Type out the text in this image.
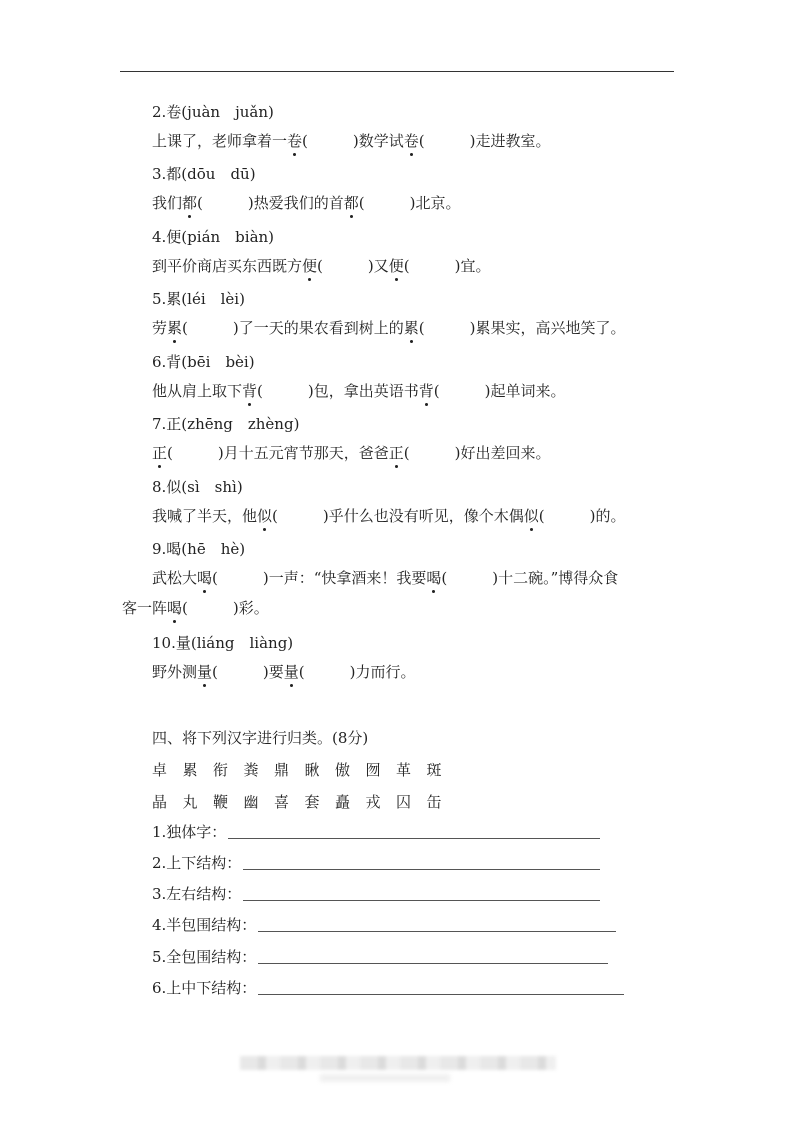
四、将下列汉字进行归类。(8分)
卓 累 衔 粪 鼎 瞅 傲 囫 革 斑
晶 丸 鞭 幽 喜 套 矗 戎 囚 缶
2.卷(juàn　juǎn)
上课了，老师拿着一卷(　　　)数学试卷(　　　)走进教室。
3.都(dōu　dū)
我们都(　　　)热爱我们的首都(　　　)北京。
4.便(pián　biàn)
到平价商店买东西既方便(　　　)又便(　　　)宜。
5.累(léi　lèi)
劳累(　　　)了一天的果农看到树上的累(　　　)累果实，高兴地笑了。
6.背(bēi　bèi)
他从肩上取下背(　　　)包，拿出英语书背(　　　)起单词来。
7.正(zhēng　zhèng)
正(　　　)月十五元宵节那天，爸爸正(　　　)好出差回来。
8.似(sì　shì)
我喊了半天，他似(　　　)乎什么也没有听见，像个木偶似(　　　)的。
9.喝(hē　hè)
武松大喝(　　　)一声：“快拿酒来！我要喝(　　　)十二碗。”博得众食
客一阵喝(　　　)彩。
10.量(liáng　liàng)
野外测量(　　　)要量(　　　)力而行。
1.独体字：
2.上下结构：
3.左右结构：
4.半包围结构：
5.全包围结构：
6.上中下结构：
